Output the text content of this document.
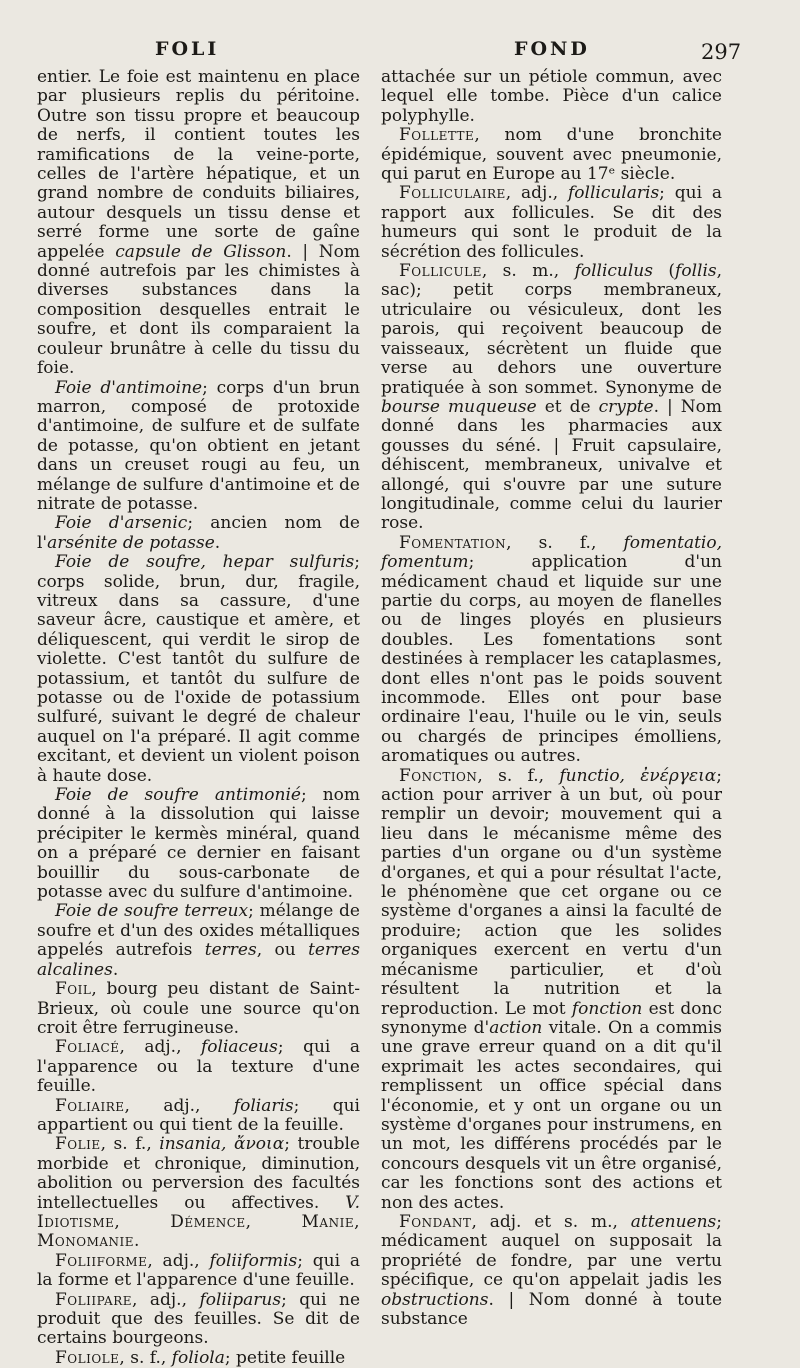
FOLI	FOND	297

entier. Le foie est maintenu en place par plusieurs replis du péritoine. Outre son tissu propre et beaucoup de nerfs, il contient toutes les ramifications de la veine-porte, celles de l'artère hépatique, et un grand nombre de conduits biliaires, autour desquels un tissu dense et serré forme une sorte de gaîne appelée capsule de Glisson. | Nom donné autrefois par les chimistes à diverses substances dans la composition desquelles entrait le soufre, et dont ils comparaient la couleur brunâtre à celle du tissu du foie.

Foie d'antimoine; corps d'un brun marron, composé de protoxide d'antimoine, de sulfure et de sulfate de potasse, qu'on obtient en jetant dans un creuset rougi au feu, un mélange de sulfure d'antimoine et de nitrate de potasse.

Foie d'arsenic; ancien nom de l'arsénite de potasse.

Foie de soufre, hepar sulfuris; corps solide, brun, dur, fragile, vitreux dans sa cassure, d'une saveur âcre, caustique et amère, et déliquescent, qui verdit le sirop de violette. C'est tantôt du sulfure de potassium, et tantôt du sulfure de potasse ou de l'oxide de potassium sulfuré, suivant le degré de chaleur auquel on l'a préparé. Il agit comme excitant, et devient un violent poison à haute dose.

Foie de soufre antimonié; nom donné à la dissolution qui laisse précipiter le kermès minéral, quand on a préparé ce dernier en faisant bouillir du sous-carbonate de potasse avec du sulfure d'antimoine.

Foie de soufre terreux; mélange de soufre et d'un des oxides métalliques appelés autrefois terres, ou terres alcalines.

Foil, bourg peu distant de Saint-Brieux, où coule une source qu'on croit être ferrugineuse.

Foliacé, adj., foliaceus; qui a l'apparence ou la texture d'une feuille.

Foliaire, adj., foliaris; qui appartient ou qui tient de la feuille.

Folie, s. f., insania, ἄνοια; trouble morbide et chronique, diminution, abolition ou perversion des facultés intellectuelles ou affectives. V. Idiotisme, Démence, Manie, Monomanie.

Foliiforme, adj., foliiformis; qui a la forme et l'apparence d'une feuille.

Foliipare, adj., foliiparus; qui ne produit que des feuilles. Se dit de certains bourgeons.

Foliole, s. f., foliola; petite feuille

attachée sur un pétiole commun, avec lequel elle tombe. Pièce d'un calice polyphylle.

Follette, nom d'une bronchite épidémique, souvent avec pneumonie, qui parut en Europe au 17ᵉ siècle.

Folliculaire, adj., follicularis; qui a rapport aux follicules. Se dit des humeurs qui sont le produit de la sécrétion des follicules.

Follicule, s. m., folliculus (follis, sac); petit corps membraneux, utriculaire ou vésiculeux, dont les parois, qui reçoivent beaucoup de vaisseaux, sécrètent un fluide que verse au dehors une ouverture pratiquée à son sommet. Synonyme de bourse muqueuse et de crypte. | Nom donné dans les pharmacies aux gousses du séné. | Fruit capsulaire, déhiscent, membraneux, univalve et allongé, qui s'ouvre par une suture longitudinale, comme celui du laurier rose.

Fomentation, s. f., fomentatio, fomentum; application d'un médicament chaud et liquide sur une partie du corps, au moyen de flanelles ou de linges ployés en plusieurs doubles. Les fomentations sont destinées à remplacer les cataplasmes, dont elles n'ont pas le poids souvent incommode. Elles ont pour base ordinaire l'eau, l'huile ou le vin, seuls ou chargés de principes émolliens, aromatiques ou autres.

Fonction, s. f., functio, ἐνέργεια; action pour arriver à un but, où pour remplir un devoir; mouvement qui a lieu dans le mécanisme même des parties d'un organe ou d'un système d'organes, et qui a pour résultat l'acte, le phénomène que cet organe ou ce système d'organes a ainsi la faculté de produire; action que les solides organiques exercent en vertu d'un mécanisme particulier, et d'où résultent la nutrition et la reproduction. Le mot fonction est donc synonyme d'action vitale. On a commis une grave erreur quand on a dit qu'il exprimait les actes secondaires, qui remplissent un office spécial dans l'économie, et y ont un organe ou un système d'organes pour instrumens, en un mot, les différens procédés par le concours desquels vit un être organisé, car les fonctions sont des actions et non des actes.

Fondant, adj. et s. m., attenuens; médicament auquel on supposait la propriété de fondre, par une vertu spécifique, ce qu'on appelait jadis les obstructions. | Nom donné à toute substance
